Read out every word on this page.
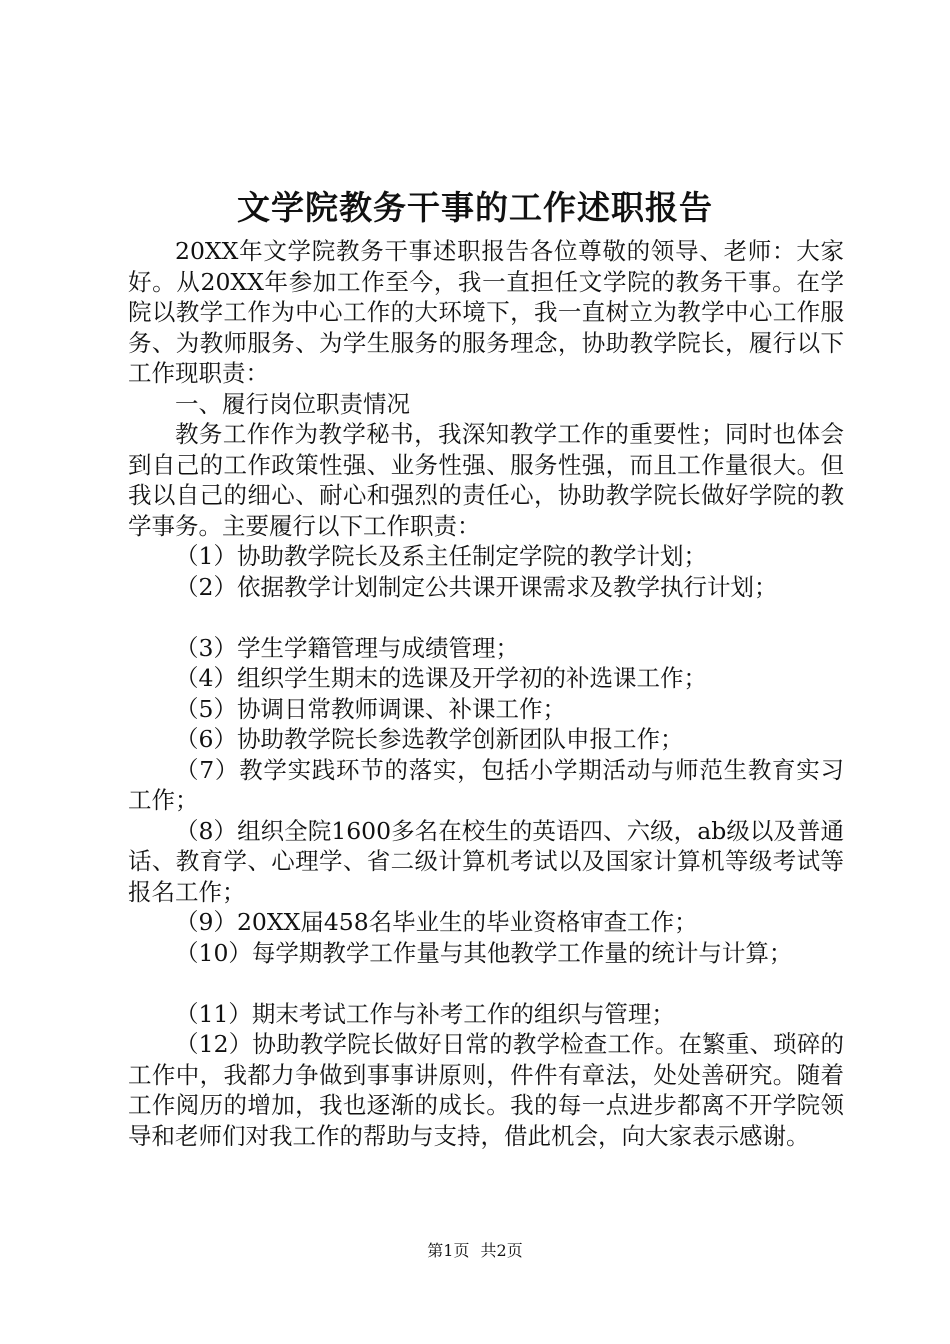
文学院教务干事的工作述职报告

20XX年文学院教务干事述职报告各位尊敬的领导、老师：大家好。从20XX年参加工作至今，我一直担任文学院的教务干事。在学院以教学工作为中心工作的大环境下，我一直树立为教学中心工作服务、为教师服务、为学生服务的服务理念，协助教学院长，履行以下工作现职责：

一、履行岗位职责情况

教务工作作为教学秘书，我深知教学工作的重要性；同时也体会到自己的工作政策性强、业务性强、服务性强，而且工作量很大。但我以自己的细心、耐心和强烈的责任心，协助教学院长做好学院的教学事务。主要履行以下工作职责：

（1）协助教学院长及系主任制定学院的教学计划；

（2）依据教学计划制定公共课开课需求及教学执行计划；

（3）学生学籍管理与成绩管理；

（4）组织学生期末的选课及开学初的补选课工作；

（5）协调日常教师调课、补课工作；

（6）协助教学院长参选教学创新团队申报工作；

（7）教学实践环节的落实，包括小学期活动与师范生教育实习工作；

（8）组织全院1600多名在校生的英语四、六级，ab级以及普通话、教育学、心理学、省二级计算机考试以及国家计算机等级考试等报名工作；

（9）20XX届458名毕业生的毕业资格审查工作；

（10）每学期教学工作量与其他教学工作量的统计与计算；

（11）期末考试工作与补考工作的组织与管理；

（12）协助教学院长做好日常的教学检查工作。在繁重、琐碎的工作中，我都力争做到事事讲原则，件件有章法，处处善研究。随着工作阅历的增加，我也逐渐的成长。我的每一点进步都离不开学院领导和老师们对我工作的帮助与支持，借此机会，向大家表示感谢。

第1页 共2页
